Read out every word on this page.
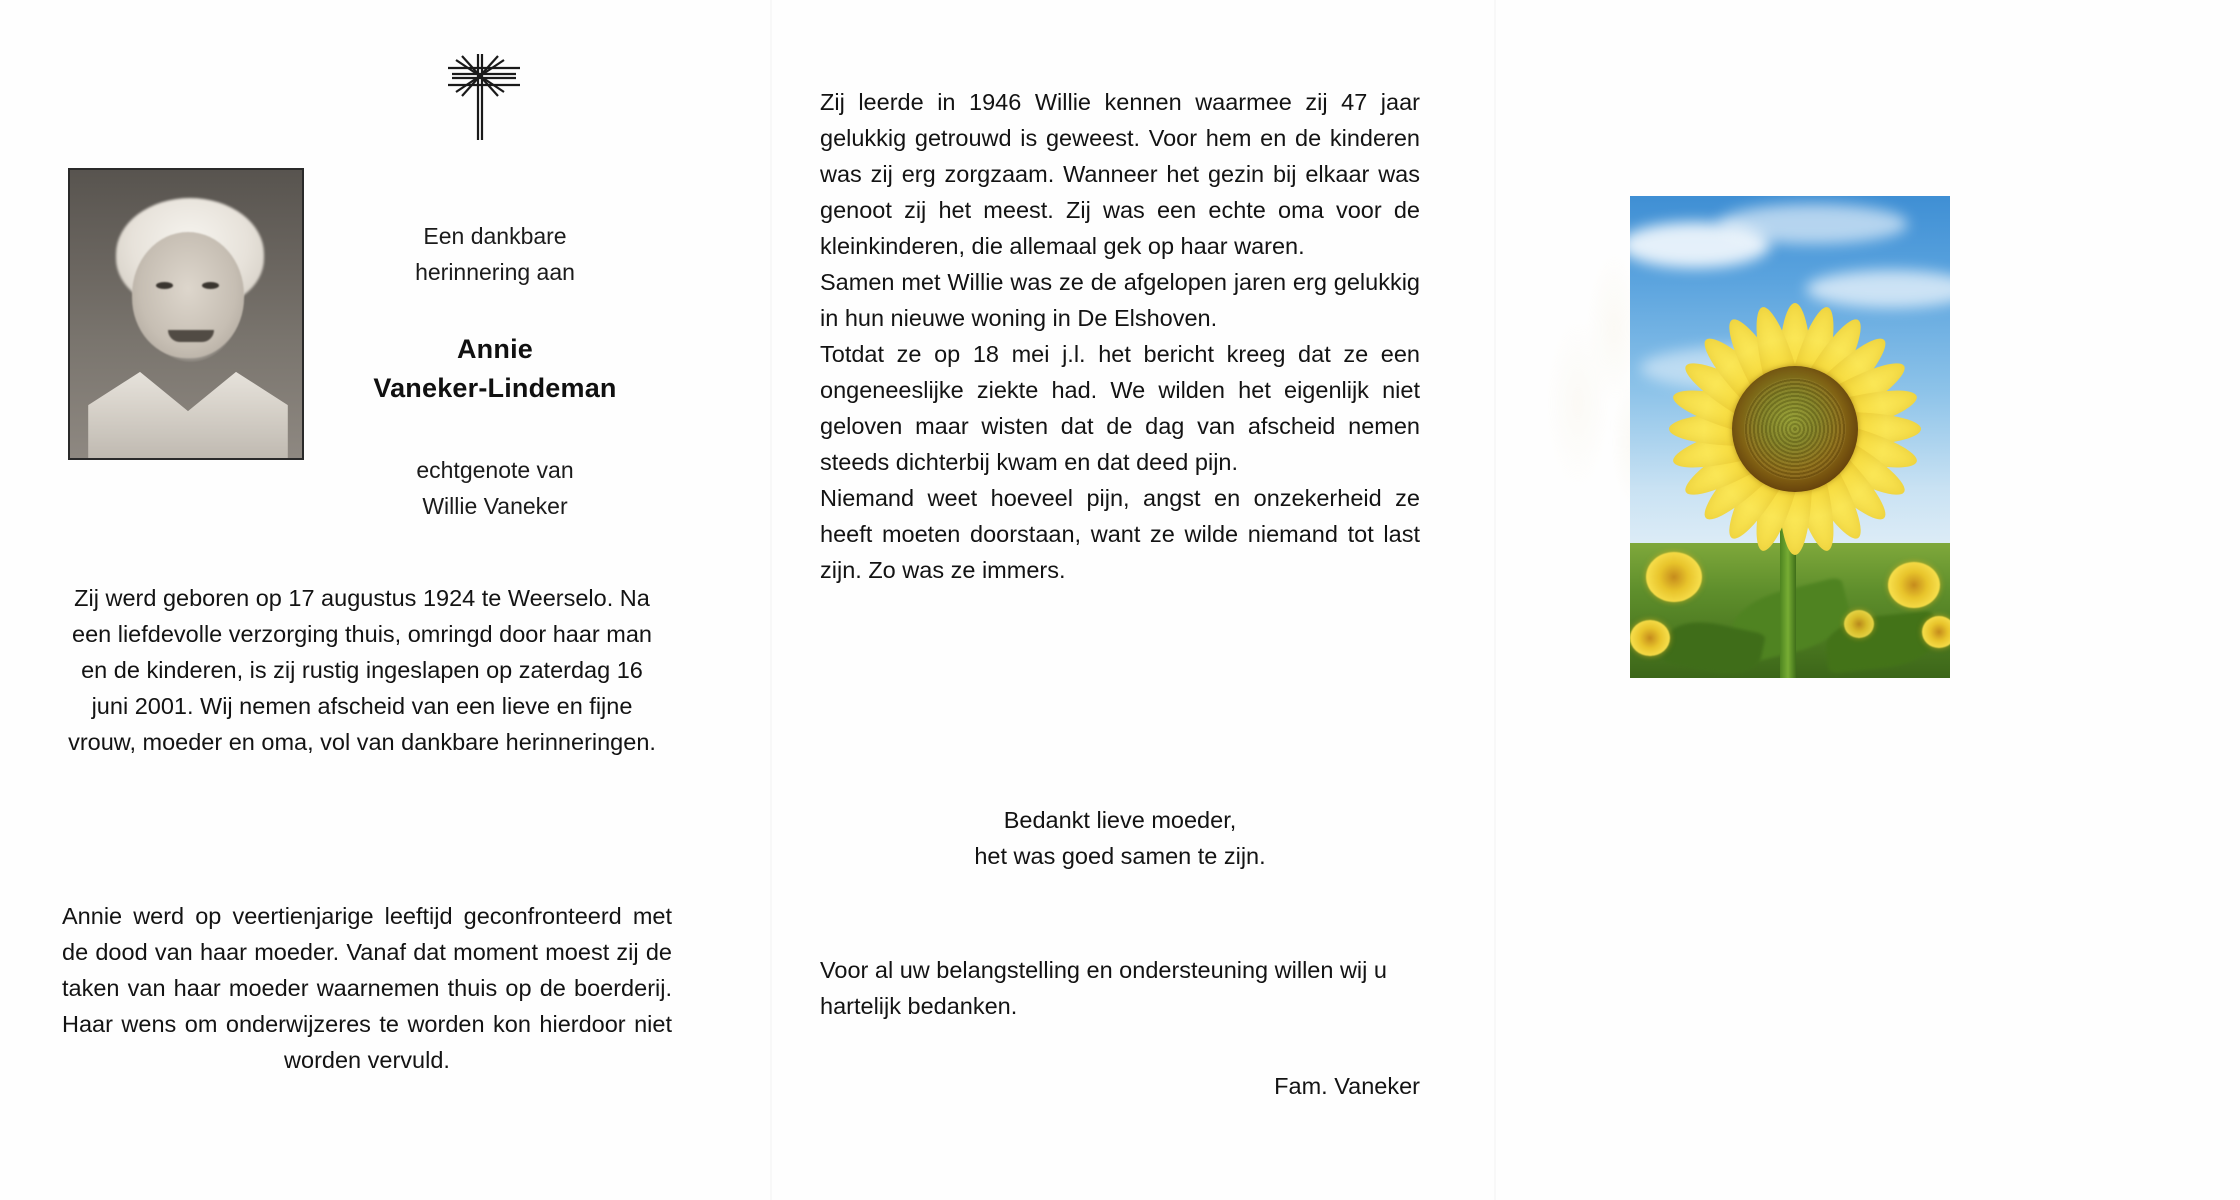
Een dankbare
herinnering aan
Annie
Vaneker-Lindeman
echtgenote van
Willie Vaneker
Zij werd geboren op 17 augustus 1924 te Weerselo. Na een liefdevolle verzorging thuis, omringd door haar man en de kinderen, is zij rustig ingeslapen op zaterdag 16 juni 2001. Wij nemen afscheid van een lieve en fijne vrouw, moeder en oma, vol van dankbare herinneringen.
Annie werd op veertienjarige leeftijd geconfronteerd met de dood van haar moeder. Vanaf dat moment moest zij de taken van haar moeder waarnemen thuis op de boerderij. Haar wens om onderwijzeres te worden kon hierdoor niet worden vervuld.

Zij leerde in 1946 Willie kennen waarmee zij 47 jaar gelukkig getrouwd is geweest. Voor hem en de kinderen was zij erg zorgzaam. Wanneer het gezin bij elkaar was genoot zij het meest. Zij was een echte oma voor de kleinkinderen, die allemaal gek op haar waren.

Samen met Willie was ze de afgelopen jaren erg gelukkig in hun nieuwe woning in De Elshoven.

Totdat ze op 18 mei j.l. het bericht kreeg dat ze een ongeneeslijke ziekte had. We wilden het eigenlijk niet geloven maar wisten dat de dag van afscheid nemen steeds dichterbij kwam en dat deed pijn.

Niemand weet hoeveel pijn, angst en onzekerheid ze heeft moeten doorstaan, want ze wilde niemand tot last zijn. Zo was ze immers.

Bedankt lieve moeder,
het was goed samen te zijn.
Voor al uw belangstelling en ondersteuning willen wij u hartelijk bedanken.
Fam. Vaneker
